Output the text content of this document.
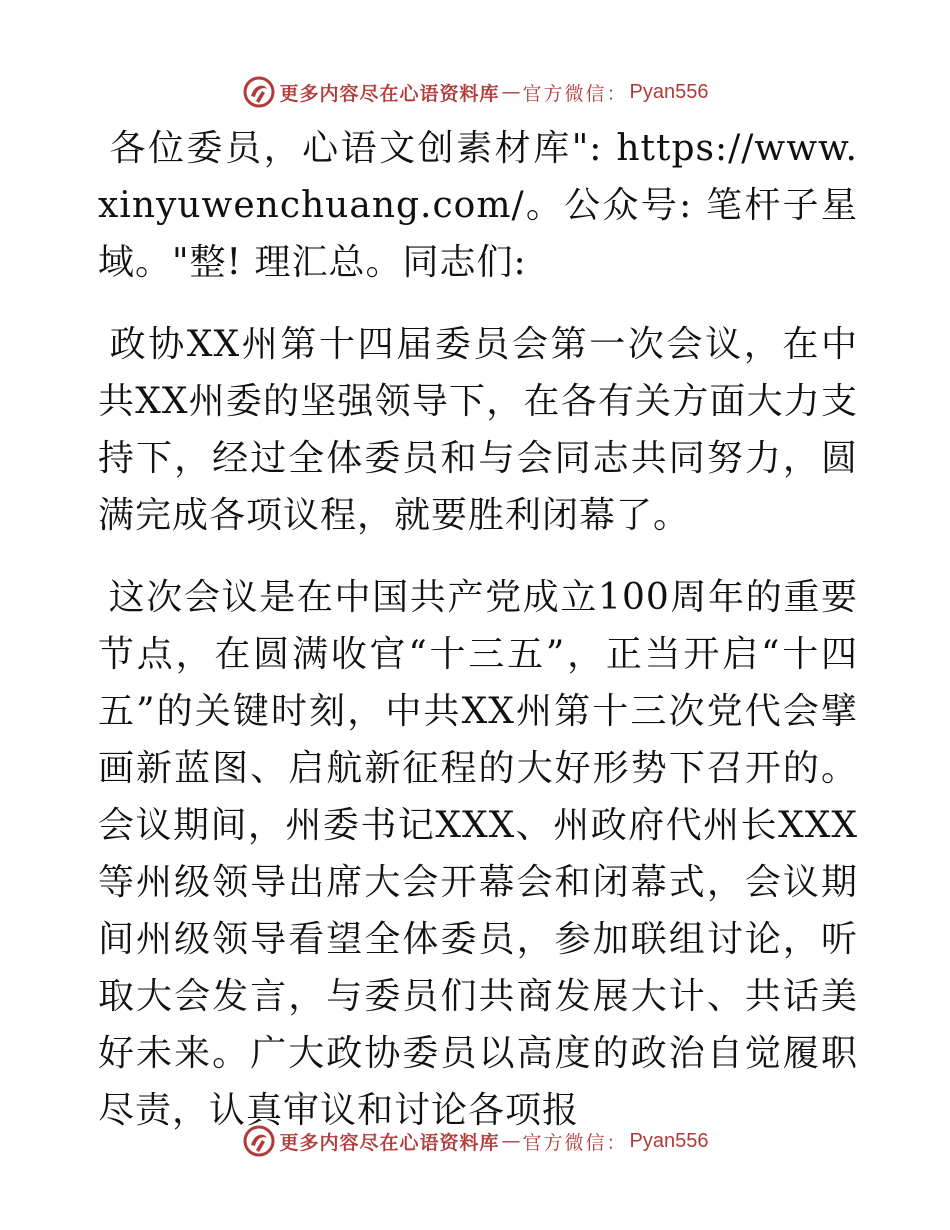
更多内容尽在心语资料库 — 官方微信： Pyan556

各位委员，心语文创素材库": https://www.xinyuwenchuang.com/。公众号: 笔杆子星域。"整! 理汇总。同志们:

政协XX州第十四届委员会第一次会议，在中共XX州委的坚强领导下，在各有关方面大力支持下，经过全体委员和与会同志共同努力，圆满完成各项议程，就要胜利闭幕了。

这次会议是在中国共产党成立100周年的重要节点，在圆满收官“十三五”，正当开启“十四五”的关键时刻，中共XX州第十三次党代会擘画新蓝图、启航新征程的大好形势下召开的。会议期间，州委书记XXX、州政府代州长XXX等州级领导出席大会开幕会和闭幕式，会议期间州级领导看望全体委员，参加联组讨论，听取大会发言，与委员们共商发展大计、共话美好未来。广大政协委员以高度的政治自觉履职尽责，认真审议和讨论各项报

更多内容尽在心语资料库 — 官方微信： Pyan556
